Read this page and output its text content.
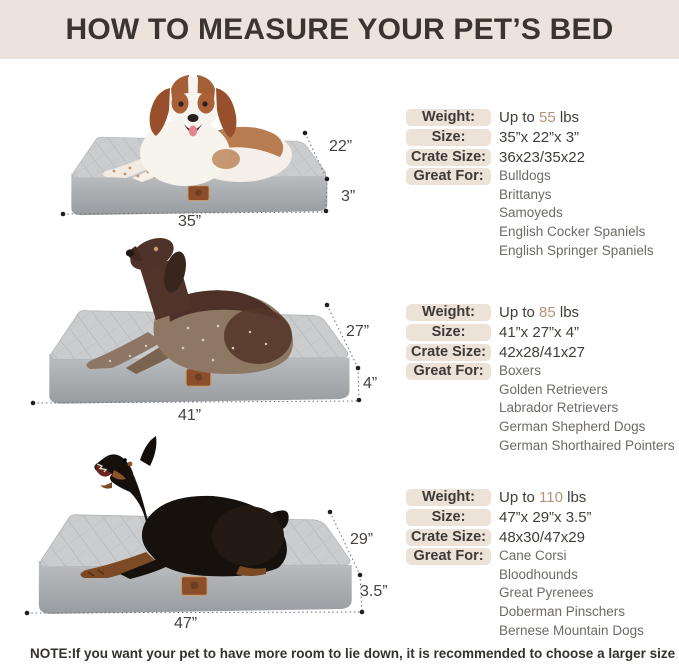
HOW TO MEASURE YOUR PET’S BED
22”
3”
35”
27”
4”
41”
29”
3.5”
47”
Weight:	Up to 55 lbs
Size:	35”x 22”x 3”
Crate Size: 36x23/35x22
Great For:	Bulldogs
Brittanys
Samoyeds
English Cocker Spaniels
English Springer Spaniels
Weight:	Up to 85 lbs
Size:	41”x 27”x 4”
Crate Size: 42x28/41x27
Great For:	Boxers
Golden Retrievers
Labrador Retrievers
German Shepherd Dogs
German Shorthaired Pointers
Weight:	Up to 110 lbs
Size:	47”x 29”x 3.5”
Crate Size: 48x30/47x29
Great For:	Cane Corsi
Bloodhounds
Great Pyrenees
Doberman Pinschers
Bernese Mountain Dogs

NOTE:If you want your pet to have more room to lie down, it is recommended to choose a larger size
